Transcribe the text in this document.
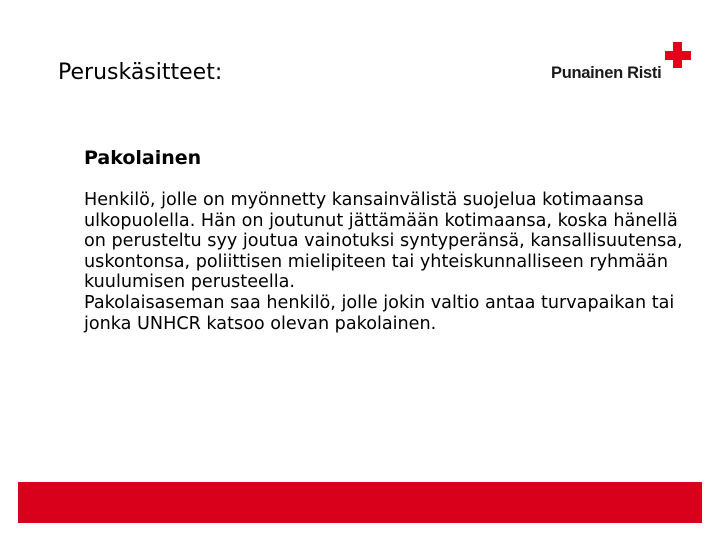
Peruskäsitteet:	Punainen Risti
Pakolainen

Henkilö, jolle on myönnetty kansainvälistä suojelua kotimaansa ulkopuolella. Hän on joutunut jättämään kotimaansa, koska hänellä on perusteltu syy joutua vainotuksi syntyperänsä, kansallisuutensa, uskontonsa, poliittisen mielipiteen tai yhteiskunnalliseen ryhmään kuulumisen perusteella.

Pakolaisaseman saa henkilö, jolle jokin valtio antaa turvapaikan tai jonka UNHCR katsoo olevan pakolainen.
